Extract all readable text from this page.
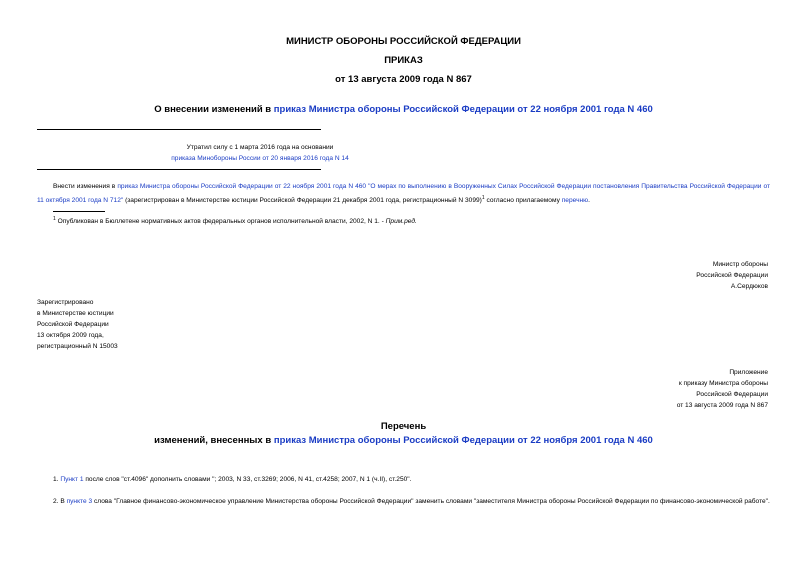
МИНИСТР ОБОРОНЫ РОССИЙСКОЙ ФЕДЕРАЦИИ
ПРИКАЗ
от 13 августа 2009 года N 867
О внесении изменений в приказ Министра обороны Российской Федерации от 22 ноября 2001 года N 460
Утратил силу с 1 марта 2016 года на основании
приказа Минобороны России от 20 января 2016 года N 14
Внести изменения в приказ Министра обороны Российской Федерации от 22 ноября 2001 года N 460 "О мерах по выполнению в Вооруженных Силах Российской Федерации постановления Правительства Российской Федерации от 11 октября 2001 года N 712" (зарегистрирован в Министерстве юстиции Российской Федерации 21 декабря 2001 года, регистрационный N 3099)$^1$ согласно прилагаемому перечню.
$^1$ Опубликован в Бюллетене нормативных актов федеральных органов исполнительной власти, 2002, N 1. - Прим.ред.
Министр обороны
Российской Федерации
А.Сердюков
Зарегистрировано
в Министерстве юстиции
Российской Федерации
13 октября 2009 года,
регистрационный N 15003
Приложение
к приказу Министра обороны
Российской Федерации
от 13 августа 2009 года N 867
Перечень
изменений, внесенных в приказ Министра обороны Российской Федерации от 22 ноября 2001 года N 460
1. Пункт 1 после слов "ст.4096" дополнить словами "; 2003, N 33, ст.3269; 2006, N 41, ст.4258; 2007, N 1 (ч.II), ст.250".
2. В пункте 3 слова "Главное финансово-экономическое управление Министерства обороны Российской Федерации" заменить словами "заместителя Министра обороны Российской Федерации по финансово-экономической работе".
